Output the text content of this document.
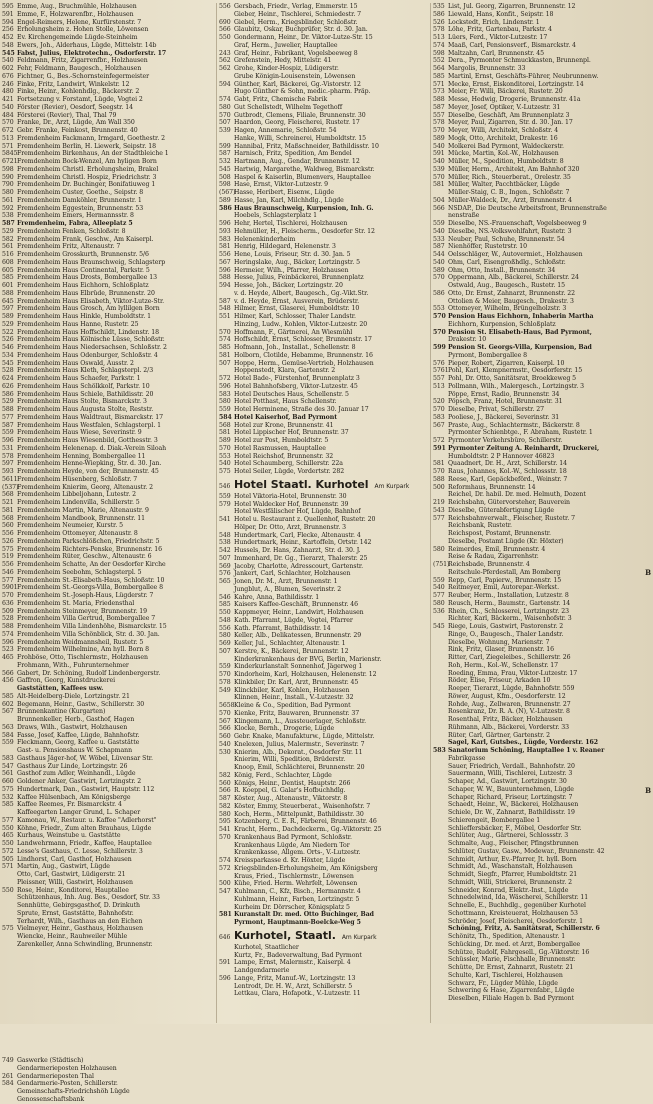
595 Emme, Aug., Bruchmühle, Holzhausen
591 Emme, F., Holzwarenfbr., Holzhausen
594 Engel-Reimers, Helene, Kurfürstenstr. 7
256 Erholungsheim z. Hohen Stolle, Löwensen
452 Ev. Kirchengemeinde Lügde-Steinheim
548 Ewers, Joh., Alderhaus, Lügde, Mittelstr. 14b
545 Fabst, Julius, Elektrotechn., Osdorferstr. 17
540 Feldmann, Fritz, Zigarrenfbr., Holzhausen
602 Fehr, Feldmann, Baugesch., Holzhausen
676 Fichtner, G., Bes.-Schornsteinfegermeister
246 Finke, Fritz, Landwirt, Winkelstr. 12
480 Finke, Heinr., Kohlenhdlg., Bäckerstr. 2
421 Fortsetzung v. Forstamt, Lügde, Vogtei 2
540 Förster (Revier), Oesdorf, Seegstr. 14
484 Försterei (Revier), Thal, Thal 79
570 Franke, Dr., Arzt, Lügde, Am Wall 350
672 Gebr. Franke, Feinkost, Brunnenstr. 40
513 Fremdenheim Fackmann, Irmgard, Goethestr. 2
571 Fremdenheim Berlin, H. Liewerk, Seipstr. 18
5845Fremdenheim Birkenhaus, An der Stadtbleiche 1
6721Fremdenheim Bock-Wenzel, Am hyligen Born
598 Fremdenheim Christl. Erholungsheim, Brakel
590 Fremdenheim Christl. Hospiz, Friedrichstr. 3
790 Fremdenheim Dr. Buchinger, Bonifatiuweg 1
580 Fremdenheim Custer, Goethe., Seipstr. 8
561 Fremdenheim Damköhler, Brunnenstr. 1
592 Fremdenheim Eggestein, Brunnenstr. 53
538 Fremdenheim Emers, Hermannsstr. 8
587 Fremdenheim, Fabra, Alleeplatz 5
529 Fremdenheim Fenken, Schloßstr. 8
582 Fremdenheim Frank, Geschw., Am Kaiserpl.
561 Fremdenheim Fritz, Altenaustr. 7
516 Fremdenheim Grosskurth, Brunnenstr. 5/6
608 Fremdenheim Haus Braunschweig, Schlagsterp
605 Fremdenheim Haus Continental, Parkstr. 5
585 Fremdenheim Haus Drosts, Bombergallee 13
601 Fremdenheim Haus Eichhorn, Schloßplatz
588 Fremdenheim Haus Elbrüde, Brunnenstr. 20
645 Fremdenheim Haus Elisabeth, Viktor-Lutze-Str.
597 Fremdenheim Haus Grosch, Am lyllilgen Born
589 Fremdenheim Haus Hinkle, Humboldtstr. 1
529 Fremdenheim Haus Hanne, Rustetr. 25
522 Fremdenheim Haus Hoffschildt, Lindenstr. 18
526 Fremdenheim Haus Kölnische Lüsse, Schloßstr.
546 Fremdenheim Haus Niedersachsen, Schloßstr. 2
534 Fremdenheim Haus Odenburger, Schloßstr. 4
545 Fremdenheim Haus Oswald, Ausstr. 2
528 Fremdenheim Haus Kleth, Schlagsterpl. 2/3
624 Fremdenheim Haus Schaefer, Parkstr. 1
626 Fremdenheim Haus Schölkkolf, Parkstr. 10
586 Fremdenheim Haus Schiele, Bathildisstr. 20
529 Fremdenheim Haus Stolte, Bismarckstr. 3
588 Fremdenheim Haus Augusta Stolte, Reststr.
577 Fremdenheim Haus Waldtraut, Bismarckstr. 17
587 Fremdenheim Haus Westfalen, Schlagsterpl. 1
559 Fremdenheim Haus Wiese, Severinstr. 9
596 Fremdenheim Haus Wiesenbild, Gotthesstr. 3
531 Fremdenheim Helenenap. d. Diak.-Verein Siloah
578 Fremdenheim Henning, Bombergallee 11
597 Fremdenheim Henne-Wiepking, Str. d. 30. Jan.
593 Fremdenheim Heyde, von der, Brunnenstr. 45
5611Fremdenheim Hüsenberg, Schloßstr. 7
(537)Fremdenheim Knierim, Georg, Altenaustr. 2
568 Fremdenheim Libbeljohann, Lutestr. 2
521 Fremdenheim Lindenvilla, Schillerstr. 5
581 Fremdenheim Martin, Marie, Altenaustr. 9
568 Fremdenheim Mandbook, Brunnenstr. 11
560 Fremdenheim Neumeier, Kurstr. 5
556 Fremdenheim Ottomeyer, Altenaustr. 8
526 Fremdenheim Parkschlößchen, Friedrichstr. 5
575 Fremdenheim Richters-Penske, Brunnenstr. 16
519 Fremdenheim Rüter, Geschw., Altenaustr. 6
556 Fremdenheim Schatte, An der Oesdorfer Kirche
546 Fremdenheim Seebohm, Schlagsterpl. 5
577 Fremdenheim St.-Elisabeth-Haus, Schloßstr. 10
5901Fremdenheim St.-Georgs-Villa, Bombergallee 8
570 Fremdenheim St.-Joseph-Haus, Lügderstr. 7
636 Fremdenheim St. Maria, Friedensthal
509 Fremdenheim Steinmeyer, Brunnenstr. 19
528 Fremdenheim Villa Gertrud, Bombergallee 7
588 Fremdenheim Villa Lindenhöhe, Bismarckstr. 15
574 Fremdenheim Villa Schönblick, Str. d. 30. Jan.
596 Fremdenheim Weidmannsheil, Rustetr. 5
523 Fremdenheim Wilhelmine, Am hyll. Born 8
465 Frohböse, Otto, Tischlermstr., Holzhausen
Frohmann, With., Fuhrunternehmer
566 Gabert, Dr. Schöning, Rudolf Lindenbergerstr.
456 Gaffron, Georg, Kunstdruckerei
Gaststätten, Kaffees usw.
585 Alt-Heidelberg-Diele, Lortzingstr. 21
602 Begemann, Heinr., Gastw., Schillerstr. 30
567 Brunnenkantine (Kurgarten)
Brunnenkeller, Herb., Gasthof, Hagen
563 Draws, Wilh., Gastwirt, Holzhausen
584 Fasse, Josef, Kaffee, Lügde, Bahnhofstr.
559 Fleckmann, Georg, Kaffee u. Gaststätte
Gast- u. Pensionshaus W. Schapmann
583 Gasthaus Jäger-hof, W. Wöbel, Lüvensar Str.
547 Gasthaus Zur Linde, Lortzingstr. 26
561 Gasthof zum Adler, Weinhandl., Lügde
660 Goldener Anker, Gastwirt, Lortzingstr. 2
575 Hundertmark, Dan., Gastwirt, Hauptstr. 112
532 Kaffee Hülsenbach, Am Königsberge
585 Kaffee Reemes, Fr. Bismarckstr. 4
Kaffeegarten Langer Grund, L. Schaper
577 Kamonau, W., Restaur. u. Kaffee "Adlerhorst"
550 Köhne, Friedr., Zum alten Brauhaus, Lügde
465 Kurhaus, Weinstube u. Gaststätte
550 Landwehrmann, Friedr., Kaffee, Hauptallee
572 Lesse's Gasthaus, C. Lesse, Schillerstr. 3
505 Lindhorst, Carl, Gasthof, Holzhausen
571 Martin, Aug., Gastwirt, Lügde
Otto, Carl, Gastwirt, Lüdigerstr. 21
Pleissner, Willi, Gastwirt, Holzhausen
550 Rose, Heinr., Konditorei, Hauptallee
Schützenhaus, Inh. Aug. Bes., Oesdorf, Str. 33
Sennhütte, Gebirgsgasthof, D. Drinkuth
Sprute, Ernst, Gaststätte, Bahnhofstr.
Terhardt, Wilh., Gasthaus an den Eichen
575 Vielmeyer, Heinr., Gasthaus, Holzhausen
Wiencke, Heinr., Rauhweiler Mühle
Zarenkeller, Anna Schwindling, Brunnenstr.
749 Gaswerke (Städtisch)
Gendarmerieposten Holzhausen
261 Gendarmerieposten Thal
584 Gendarmerie-Posten, Schillerstr.
Gemeinschafts-Friedrichshöh Lügde
Genossenschaftsbank
556 Gersbach, Friedr., Verlag, Emmerstr. 15
Gieber, Heinr., Tischlerei, Schmiedestr. 7
690 Giebel, Herm., Kriegsblinder, Schloßstr.
566 Glaubitz, Oskar, Buchprüfer, Str. d. 30. Jan.
550 Gondermann, Heinr., Dr. Viktor-Lutze-Str. 15
Graf, Herm., Juwelier, Hauptallee
243 Graf, Heinr., Fabrikant, Vogelsbeeweg 8
562 Grefenstein, Hedy, Mittelstr. 41
562 Grohe, Kinder-Hospiz, Lüdigerstr.
Grube Königin-Louisenstein, Löwensen
594 Günther, Karl, Bäckerei, Gg.-Vistorstr. 12
Hugo Günther & Sohn, medic.-pharm. Präp.
574 Gabt, Fritz, Chemische Fabrik
580 Gut Schellstedt, Wilhelm Tegethoff
570 Gutbrodt, Clemens, Filiale, Brunnenstr. 30
507 Haardon, Georg, Fleischerei, Rustetr. 17
539 Hagen, Annemarie, Schloßstr. 54
Hanke, Willi, Schreinerei, Humboldtstr. 15
599 Hannibal, Fritz, Maßschneider, Bathildisstr. 10
587 Harnisch, Fritz, Spedition, Am Bendel
532 Hartmann, Aug., Gendar, Brunnenstr. 12
545 Hartwig, Margarethe, Waldweg, Bismarckstr.
508 Haspel & Kaiserlin, Blumenvers, Hauptallee
598 Hase, Ernst, Viktor-Lutzestr. 9
(567)Hasse, Heribert, Eisenw., Lügde
589 Hasse, Jan, Karl, Milchhdlg., Lügde
586 Haus Braunschweig, Kurpension, Inh. G.
Hoebels, Schlagsterplatz 1
596 Hehr, Hertel, Tischlerei, Holzhausen
593 Hehmüller, H., Fleischerm., Oesdorfer Str. 12
583 Helenenkinderheim
581 Henrig, Hildegard, Helenenstr. 3
556 Hene, Louis, Friseur, Str. d. 30. Jan. 5
567 Heringslake, Aug., Bäcker, Lortzingstr. 5
596 Hermeier, Wilh., Pfarrer, Holzhausen
588 Hesse, Julius, Feinbäckerei, Brunnenplatz
594 Hesse, Joh., Bäcker, Lortzingstr. 20
v. d. Heyde, Albert, Baugesch., Gg.-Vikt.Str.
587 v. d. Heyde, Ernst, Ausverein, Brüderstr.
548 Hilmer, Ernst, Glaserei, Humboldtstr. 10
551 Hilmer, Karl, Schlosser, Thaler Landstr.
Hinzing, Ludw., Kohlen, Viktor-Lutzestr. 20
570 Hoffmann, F., Gärtnerei, An Wiesmühl
574 Hoffschildt, Ernst, Schlosser, Brunnenstr. 17
585 Hofmann, Joh., Installat., Schellenstr. 8
581 Holborn, Clotilde, Hebamme, Brunnenstr. 16
507 Hoppe, Herm., Gemüse-Vertrieb, Holzhausen
Hoppenstedt, Klara, Gartenstr. 2
572 Hotel Bade-, Fürstenhof, Brunnenplatz 3
596 Hotel Bahnhofsberg, Viktor-Lutzestr. 45
583 Hotel Deutsches Haus, Schellenstr. 5
580 Hotel Potthast, Haus Schellenstr.
559 Hotel Herminene, Straße des 30. Januar 17
584 Hotel Kaiserhof, Bad Pyrmont
568 Hotel zur Krone, Brunnenstr. 41
581 Hotel Lippischer Hof, Brunnenstr. 37
589 Hotel zur Post, Humboldtstr. 5
570 Hotel Rasmussen, Hauptallee
553 Hotel Reichshof, Brunnenstr. 32
540 Hotel Schaumberg, Schillerstr. 22a
575 Hotel Seiler, Lügde, Vordertstr. 282
546 Hotel Staatl. Kurhotel Am Kurpark
559 Hotel Viktoria-Hotel, Brunnenstr. 30
579 Hotel Waldecker Hof, Brunnenstr. 39
Hotel Westfälischer Hof, Lügde, Bahnhof
541 Hotel u. Restaurant z. Quellenhof, Rustetr. 20
Hölper, Dr. Otto, Arzt, Brunnenstr. 3
548 Hundertmark, Carl, Flecke, Altenaustr. 4
538 Hundertmark, Heinr., Kartoffeln, Ortstr. 142
542 Hussels, Dr. Hans, Zahnarzt, Str. d. 30. J.
507 Immenhard, Dr. Gg., Tierarzt, Thalerstr. 25
569 Jacoby, Charlotte, Adresscourt, Gartenstr.
576 Jankert, Carl, Schlachter, Holzhausen
565 Jonen, Dr. M., Arzt, Brunnenstr. 1
Jungblut, A., Blumen, Severinstr. 2
546 Kahre, Anna, Bathildisstr. 1
585 Kaisers Kaffee-Geschäft, Brunnenstr. 46
550 Kappmeyer, Heinr., Landwirt, Holzhausen
548 Kath. Pfarramt, Lügde, Vogtei, Pfarrer
556 Kath. Pfarramt, Bathildisstr. 14
580 Keller, Alb., Delikatessen, Brunnenstr. 29
569 Keller, Jul., Schlachter, Altenaustr. 1
507 Kerstre, K., Bäckerei, Brunnenstr. 12
Kinderkrankenhaus der BVG, Berlin, Marienstr.
559 Kinderkurlanstalt Sonnenhof, Jägerweg 1
570 Kindorheim, Karl, Holzhausen, Helenenstr. 12
578 Klinkbiler, Dr. Karl, Arzt, Brunnenstr. 45
549 Klinckbiler, Karl, Kohlen, Holzhausen
Klinnen, Heinr., Install., V.-Lutzestr. 32
5658Kleine & Co., Spedition, Bad Pyrmont
570 Kienke, Fritz, Bauwaren, Brunnenstr. 37
567 Klingemann, L., Aussteuerlager, Schloßstr.
566 Klocke, Bernh., Drogerie, Lügde
560 Gebr. Knake, Manufakturw., Lügde, Mittelstr.
540 Knelexen, Julius, Malermstr., Severinstr. 7
530 Knierim, Alb., Dekorat., Oesdorfer Str. 11
Knierim, Willi, Spedition, Brüderstr.
Knoop, Emil, Schlächterei, Brunnenstr. 20
582 König, Ferd., Schlachter, Lügde
560 Königs, Heinr., Dentist, Hauptstr. 266
566 R. Koeppel, G. Galar's Hofbuchhdlg.
587 Köster, Aug., Altenaustr., Viktorstr. 8
582 Köster, Emmy, Steuerberat., Waisenhofstr. 7
580 Koch, Herm., Mittelpunkt, Bathildisstr. 30
595 Kotzenberg, C. E. R., Färberei, Brunnenstr. 46
541 Kracht, Herm., Dachdeckerm., Gg.-Viktorstr. 25
570 Krankenhaus Bad Pyrmont, Schloßstr.
Krankenhaus Lügde, Am Niedern Tor
Krankenkasse, Allgem. Orts-, V.-Lutzestr.
574 Kreissparkasse d. Kr. Höxter, Lügde
572 Kriegsblinden-Erholungsheim, Am Königsberg
Kraus, Fried., Tischlermstr., Löwensen
500 Kühe, Fried. Herm. Wehrfelt, Löwensen
547 Kuhlmann, C., Kfz, Bisch., Hermannstr. 4
Kuhlmann, Heinr., Farben, Lortzingstr. 5
Kurheim Dr. Dörrscher, Königsplatz 5
581 Kuranstalt Dr. med. Otto Buchinger, Bad
Pyrmont, Hauptmann-Boelcke-Weg 5
646 Kurhotel, Staatl. Am Kurpark
Kurhotel, Staatlicher
Kurtz, Fr., Badeverwaltung, Bad Pyrmont
591 Lampe, Ernst, Malermstr., Kaiserpl. 4
Landgendarmerie
596 Lange, Fritz, Manuf.-W., Lortzingstr. 13
Lentrodt, Dr. H. W., Arzt, Schillerstr. 5
Lettkau, Clara, Hofapotk., V.-Lutzestr. 11
535 List, Jul. Georg, Zigarren, Brunnenstr. 12
586 Liewald, Hans, Konfit., Seipstr. 18
526 Lockstedt, Erich, Lindenstr. 1
578 Löhe, Fritz, Gartenbau, Parkstr. 4
513 Lüers, Ferd., Viktor-Lutzestr. 17
574 Maaß, Carl, Pensionsverf., Bismarckstr. 4
598 Maltzahn, Carl, Brunnenstr. 45
552 Dera., Pyrmonter Schmuckkasten, Brunnenpl.
564 Margolis, Brunnenstr. 33
585 Martinl, Ernst, Geschäfts-Führer, Neubrunnenw.
571 Mecke, Ernst, Eiskonditorei, Lortzingstr. 14
573 Meier, Fr. Willi, Bäckerei, Rustetr. 20
588 Messe, Hedwig, Drogerie, Brunnenstr. 41a
587 Meyer, Josef, Optiker, V.-Lutzestr. 31
557 Dieselbe, Geschäft, Am Brunnenplatz 3
578 Meyer, Paul, Zigarren, Str. d. 30. Jan. 17
570 Meyer, Willi, Architekt, Schloßstr. 4
589 Mogk, Otto, Architekt, Drakestr. 16
540 Molkerei Bad Pyrmont, Waldeckerstr.
591 Mücke, Martin, Kol.-W., Holzhausen
540 Müller, M., Spedition, Humboldtstr. 8
539 Müller, Herm., Architekt, Am Bahnhof 320
570 Müller, Rich., Steuerberat., Orelestr. 35
581 Müller, Walter, Pacchtbäcker, Lügde
Müller-Staig, C. B., Ingen., Schloßstr. 7
504 Müller-Waldeck, Dr., Arzt, Brunnenstr. 4
566 NSDAP., Die Deutsche Arbeitsfront, Brunnenstraße
nenstraße
559 Dieselbe, NS.-Frauenschaft, Vogelsbeeweg 9
540 Dieselbe, NS.-Volkswohlfahrt, Rustetr. 3
533 Neuber, Paul, Schuhe, Brunnenstr. 54
587 Nienhöffer, Rustetrstr. 10
544 Oelsschläger, W., Autovermiet., Holzhausen
540 Ohm, Carl, Eisengroßhdlg., Schloßstr.
589 Ohm, Otto, Install., Brunnenstr. 34
570 Oppermann, Alb., Bäckerei, Schillerstr. 24
Ostwald, Aug., Baugesch., Rustetr. 15
586 Otto, Dr. Ernst, Zahnarzt, Brunnenstr. 22
Ottolien & Meier, Baugesch., Drakestr. 3
553 Ottomeyer, Wilhelm, Brüngelholzstr. 3
570 Pension Haus Eichhorn, Inhaberin Martha
Eichhorn, Kurpension, Schloßplatz
570 Pension St. Elisabeth-Haus, Bad Pyrmont,
Drakestr. 10
599 Pension St. Georgs-Villa, Kurpension, Bad
Pyrmont, Bombergallee 8
576 Pieper, Robert, Zigarren, Kaiserpl. 10
5761Pohl, Karl, Klempnermstr., Oesdorferstr. 15
557 Pohl, Dr. Otto, Sanitätsrat, Broekkeweg 5
513 Pollmann, Wilh., Malergesch., Lortzingstr. 3
Pöppe, Ernst, Radio, Brunnenstr. 34
520 Pöpsch, Franz, Hotel, Brunnenstr. 31
570 Dieselbe, Privat, Schillerstr. 27
583 Pooliese, J., Bäckerei, Severinstr. 31
567 Praste, Aug., Schlachtermstr., Bäckerstr. 8
Pyrmonter Schienbtge., F. Abraham, Rustetr. 1
572 Pyrmonter Verkehrsbüro, Schillerstr.
591 Pyrmonter Zeitung A. Reinhardt, Druckerei,
Humboldtstr. 2 P Hannover 46823
581 Quaadnert, Dr. H., Arzt, Schillerstr. 14
570 Raus, Johannes, Kol.-W., Schlossstr. 18
588 Reese, Karl, Gepäckbeförd., Weinstr. 7
500 Reformhaus, Brunnenstr. 14
Reichel, Dr. habil. Dr. med. Helmuth, Dozent
219 Reichsbahn, Gütervorsteher, Bauverein
543 Dieselbe, Güterabfertigung Lügde
577 Reichsbahnverwalt., Fleischer, Rustetr. 7
Reichsbank, Rustetr.
Reichspost, Postamt, Brunnenstr.
Dieselbe, Postamt Lügde (Kr. Höxter)
580 Reimerdes, Emil, Brunnenstr. 4
Reise & Radau, Zigarrenhstr.
(751)Reichsbade, Brunnenstr. 4
Reitschule-Pferdestall, Am Bomberg
559 Repp, Carl, Papierw., Brunnenstr. 15
540 Reitmeyer, Emil, Autorepar.-Werkst.
577 Reuber, Herm., Installation, Lutzestr. 8
580 Reusch, Herm., Baumstr., Gartenstr. 14
536 Rhein, Ch., Schlosserei, Lortzingstr. 23
Richter, Karl, Bäckerm., Waisenhofstr. 3
545 Riege, Louis, Gastwirt, Pastorenstr. 2
Ringe, O., Baugesch., Thaler Landstr.
Dieselbe, Wohnung, Marienstr. 7
Rink, Fritz, Glaser, Brunnenstr. 16
Ritter, Carl, Ziegeleibes., Schillerstr. 26
Roh, Herm., Kol.-W., Schellenstr. 17
Roeding, Emma, Frau, Viktor-Lutzestr. 17
Röder, Elise, Friseur, Arkaden 10
Roeper, Tierarzt, Lügde, Bahnhofstr. 559
Röwer, August, Kfm., Oesdorferstr. 12
Rohde, Aug., Zellwaren, Brunnenstr. 27
Rosenkranz, Dr. R. A. (N), V.-Lutzestr. 8
Rosenthal, Fritz, Bäcker, Holzhausen
Rühmann, Alb., Bäckerei, Vorderstr. 33
Rüter, Carl, Gärtner, Gartenstr. 2
Sagel, Karl, Gutsbes., Lügde, Vorderstr. 162
583 Sanatorium Schöning, Hauptallee 1 v. Reaner
Fabrikgasse
Sauer, Friedrich, Verdall., Bahnhofstr. 20
Sauermann, Willi, Tischlerei, Lutzestr. 3
Schaper, Ad., Gastwirt, Lortzingstr. 30
Schaper, W. W., Bauunternehmen, Lügde
Schaper, Richard, Friseur, Lortzingstr. 7
Schaedt, Heinr., W., Bäckerei, Holzhausen
Schiele, Dr. W., Zahnarzt, Bathildisstr. 19
Schierengeit, Bombergallee 1
Schlieffersbäcker, F., Möbel, Oesdorfer Str.
Schlüter, Aug., Gärtnerei, Schlossstr. 3
Schmalte, Aug., Fleischer, Pfingstbrunnen
Schlüter, Gustav, Gasw., Modewar., Brunnenstr. 42
Schmidt, Arthur, Ev.-Pfarrer, Jt. hyll. Born
Schmidt, Ad., Waschanstalt, Holzhausen
Schmidt, Siegfr., Pfarrer, Humboldtstr. 21
Schmidt, Willi, Strickerei, Brunnenstr. 2
Schneider, Konrad, Elektr.-Inst., Lügde
Schnedelwind, Ida, Wäscherei, Schillerstr. 11
Schnelle, E., Buchhdlg., gegenüber Kurhotel
Schottmann, Kreisteuerat, Holzhausen 53
Schröder, Josef, Fleischerei, Oesdorferstr. 1
Schöning, Fritz, A. Sanitätsrat, Schillerstr. 6
Schönitz, Th., Spedition, Altenaustr. 1
Schücking, Dr. med. et Arzt, Bombergallee
Schütze, Rudolf, Fahrgesell., Gg.-Viktorstr. 16
Schüssler, Marie, Fischhalle, Brunnenstr.
Schütte, Dr. Ernst, Zahnarzt, Rustetr. 21
Schulte, Karl, Tischlerei, Holzhausen
Schwarz, Fr., Lügder Mühle, Lügde
Schwering & Hase, Zigarrenfabr., Lügde
Dieselben, Filiale Hagen b. Bad Pyrmont
B
B
